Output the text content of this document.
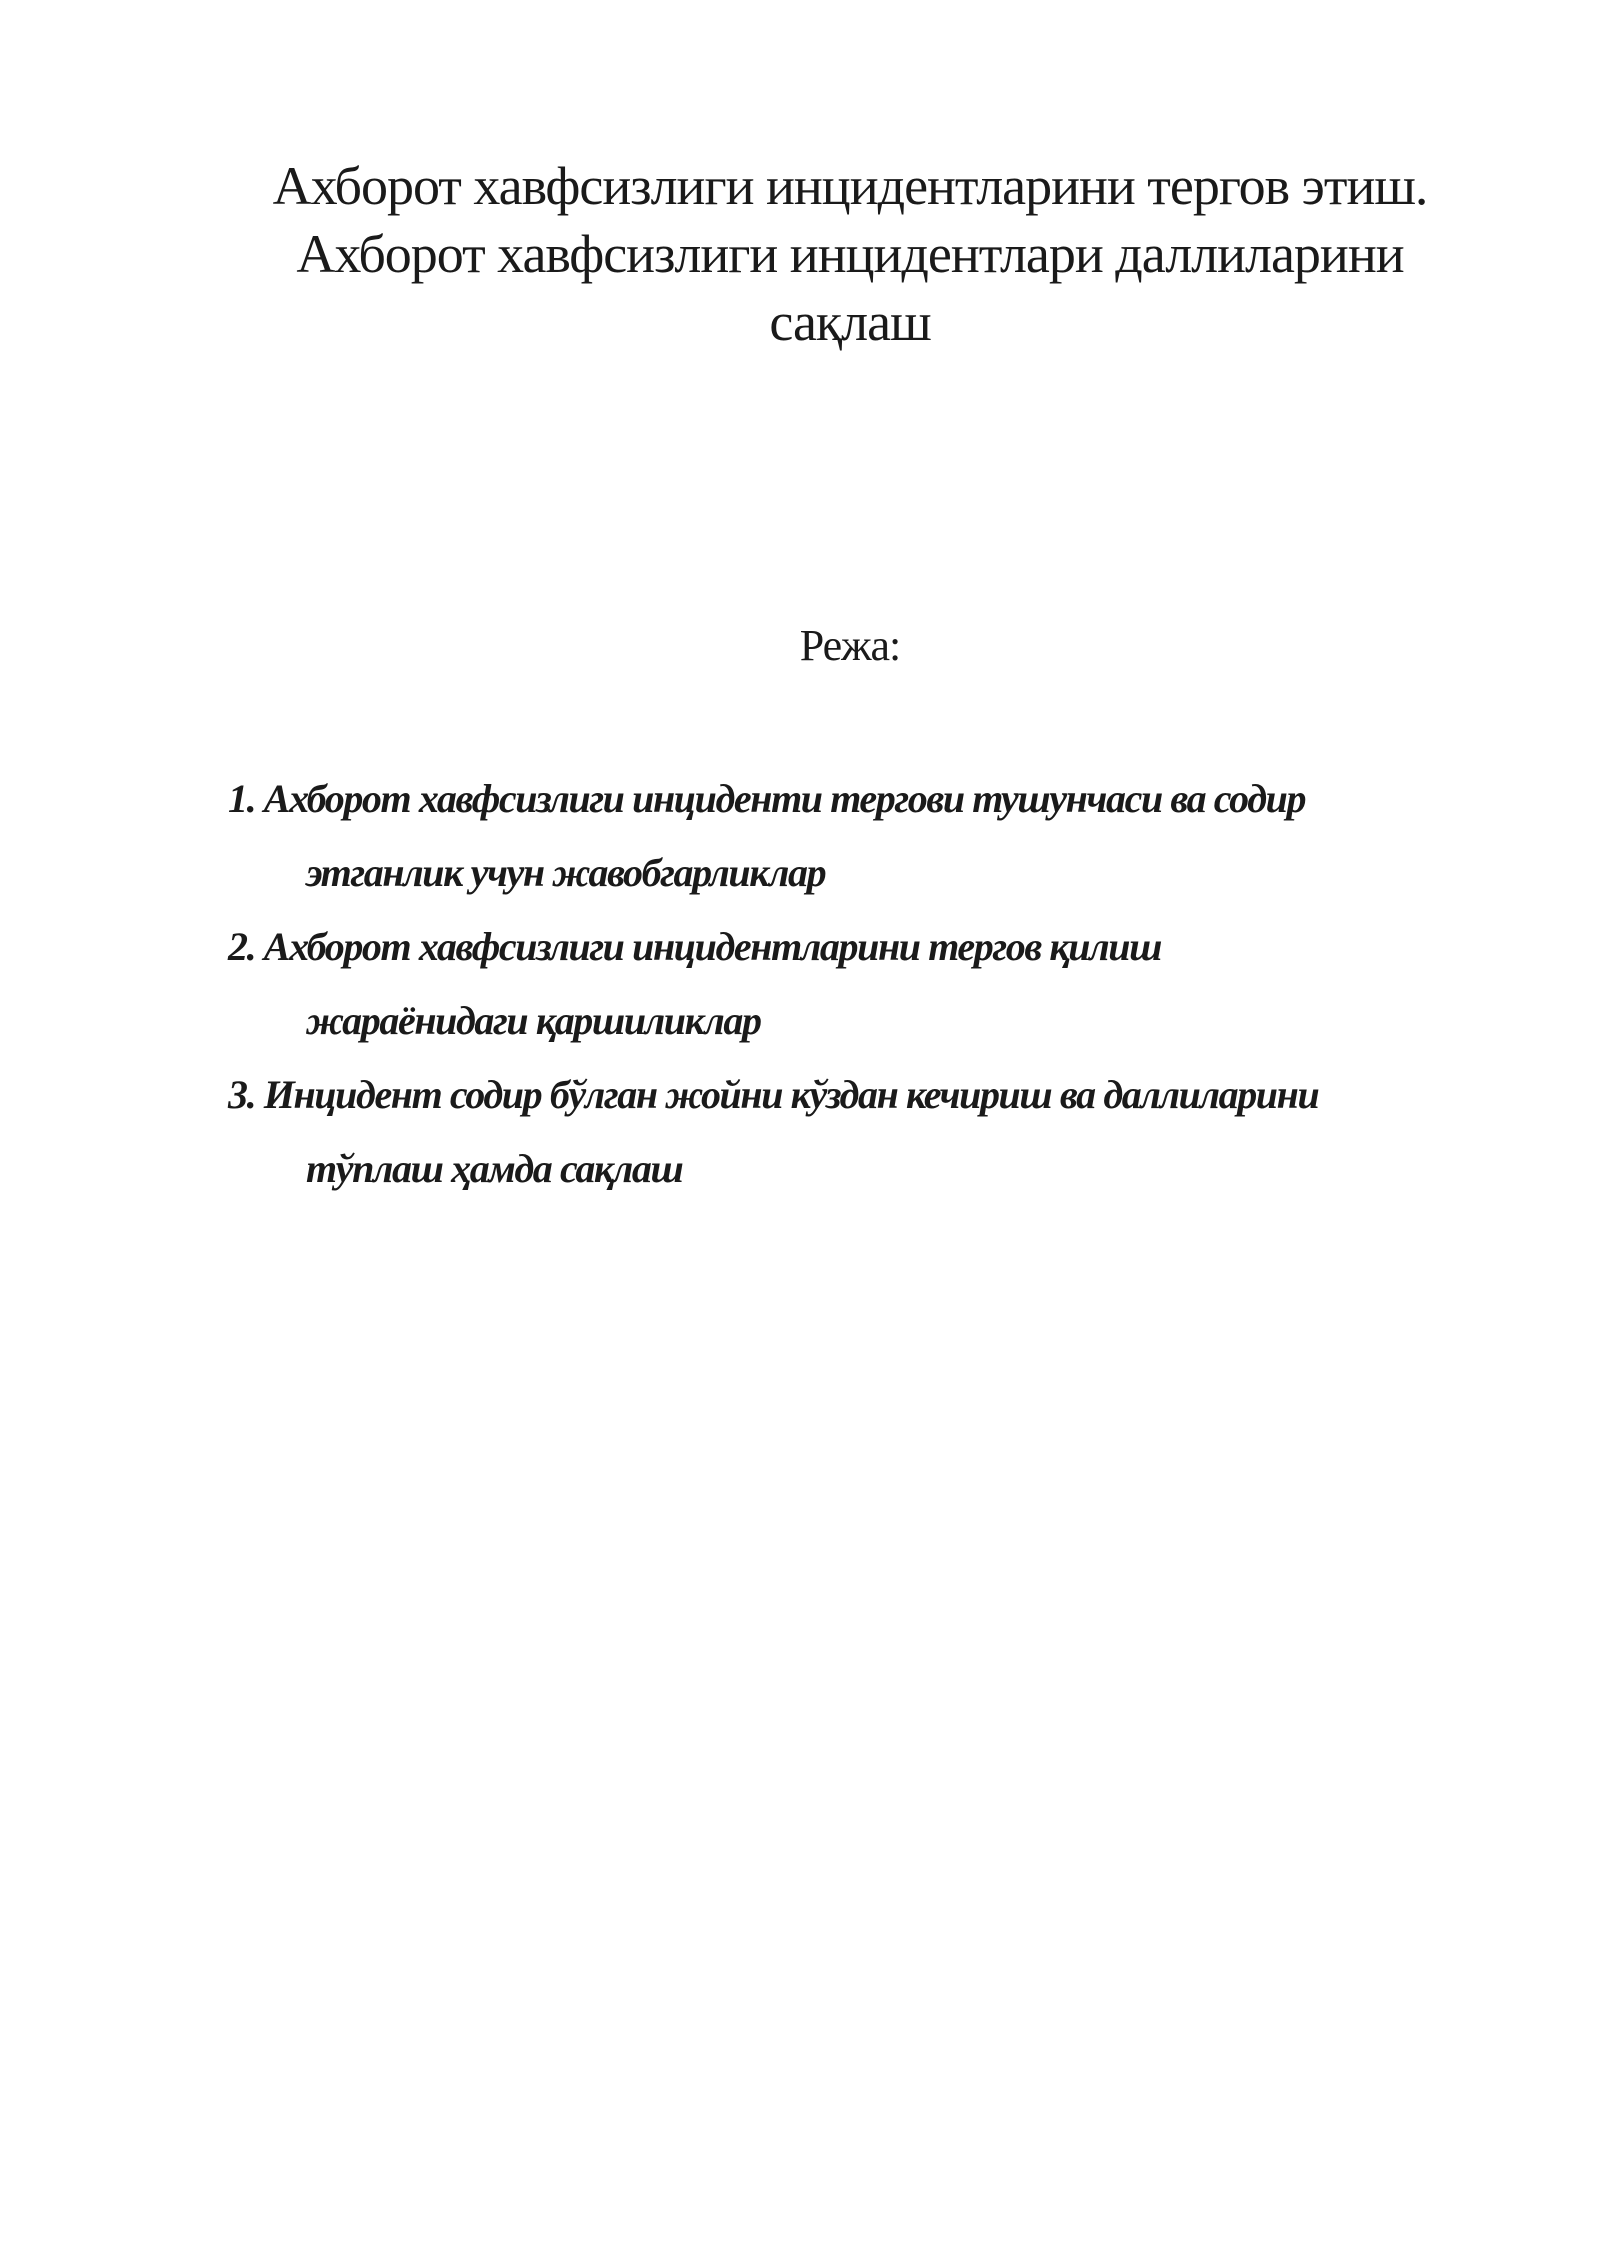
Ахборот хавфсизлиги инцидентларини тергов этиш.
Ахборот хавфсизлиги инцидентлари даллиларини
сақлаш
Режа:
1. Ахборот хавфсизлиги инциденти тергови тушунчаси ва содир
этганлик учун жавобгарликлар
2. Ахборот хавфсизлиги инцидентларини тергов қилиш
жараёнидаги қаршиликлар
3. Инцидент содир бўлган жойни кўздан кечириш ва даллиларини
тўплаш ҳамда сақлаш
